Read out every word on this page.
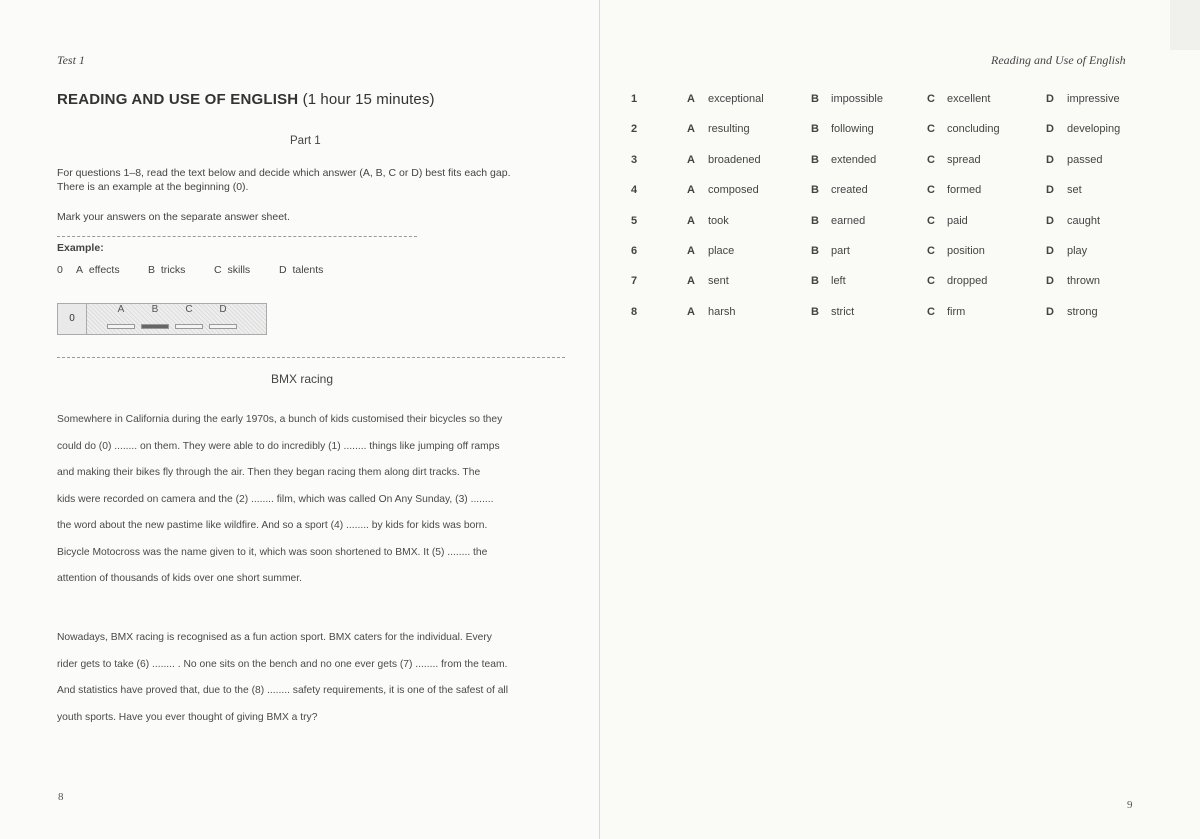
Test 1
READING AND USE OF ENGLISH (1 hour 15 minutes)
Part 1
For questions 1–8, read the text below and decide which answer (A, B, C or D) best fits each gap.
There is an example at the beginning (0).
Mark your answers on the separate answer sheet.
Example:
0 A effects	B tricks	C skills	D talents
0
A	B	C	D
BMX racing
Somewhere in California during the early 1970s, a bunch of kids customised their bicycles so they
could do (0) ........ on them. They were able to do incredibly (1) ........ things like jumping off ramps
and making their bikes fly through the air. Then they began racing them along dirt tracks. The
kids were recorded on camera and the (2) ........ film, which was called On Any Sunday, (3) ........
the word about the new pastime like wildfire. And so a sport (4) ........ by kids for kids was born.
Bicycle Motocross was the name given to it, which was soon shortened to BMX. It (5) ........ the
attention of thousands of kids over one short summer.
Nowadays, BMX racing is recognised as a fun action sport. BMX caters for the individual. Every
rider gets to take (6) ........ . No one sits on the bench and no one ever gets (7) ........ from the team.
And statistics have proved that, due to the (8) ........ safety requirements, it is one of the safest of all
youth sports. Have you ever thought of giving BMX a try?
8
Reading and Use of English
1	A exceptional	B impossible	C excellent	D impressive
2	A resulting	B following	C concluding	D developing
3	A broadened	B extended	C spread	D passed
4	A composed	B created	C formed	D set
5	A took	B earned	C paid	D caught
6	A place	B part	C position	D play
7	A sent	B left	C dropped	D thrown
8	A harsh	B strict	C firm	D strong
9
